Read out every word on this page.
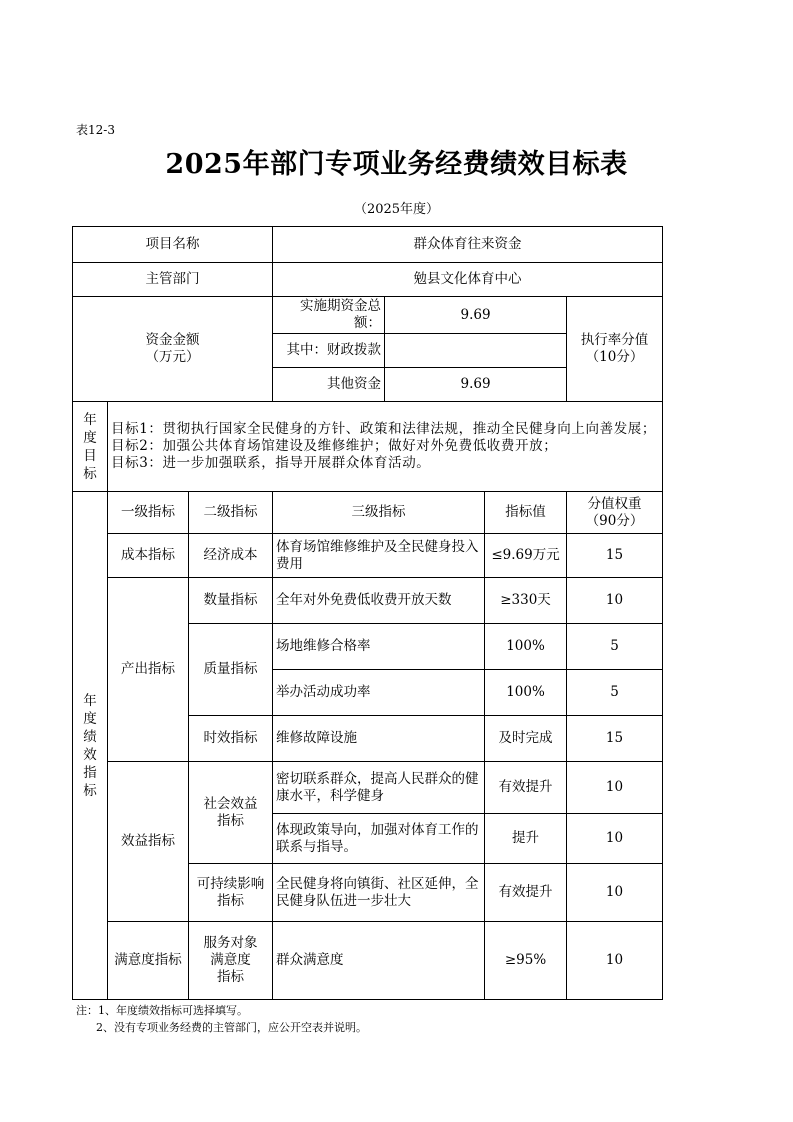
表12-3
2025年部门专项业务经费绩效目标表
（2025年度）
项目名称			群众体育往来资金			
主管部门			勉县文化体育中心			
资金金额
（万元）			实施期资金总额：	9.69		执行率分值
（10分）
			其中：财政拨款			
			其他资金	9.69		
年度目标	目标1：贯彻执行国家全民健身的方针、政策和法律法规，推动全民健身向上向善发展；
目标2：加强公共体育场馆建设及维修维护；做好对外免费低收费开放；
目标3：进一步加强联系，指导开展群众体育活动。					

年度绩效指标	一级指标	二级指标	三级指标		指标值	分值权重
（90分）
	成本指标	经济成本	体育场馆维修维护及全民健身投入费用		≤9.69万元	15
	产出指标	数量指标	全年对外免费低收费开放天数		≥330天	10
		质量指标	场地维修合格率		100%	5
			举办活动成功率		100%	5
		时效指标	维修故障设施		及时完成	15
	效益指标	社会效益
指标	密切联系群众，提高人民群众的健康水平，科学健身		有效提升	10
			体现政策导向，加强对体育工作的联系与指导。		提升	10
		可持续影响
指标	全民健身将向镇街、社区延伸，全民健身队伍进一步壮大		有效提升	10
	满意度指标	服务对象
满意度
指标	群众满意度		≥95%	10
注：1、年度绩效指标可选择填写。
2、没有专项业务经费的主管部门，应公开空表并说明。
